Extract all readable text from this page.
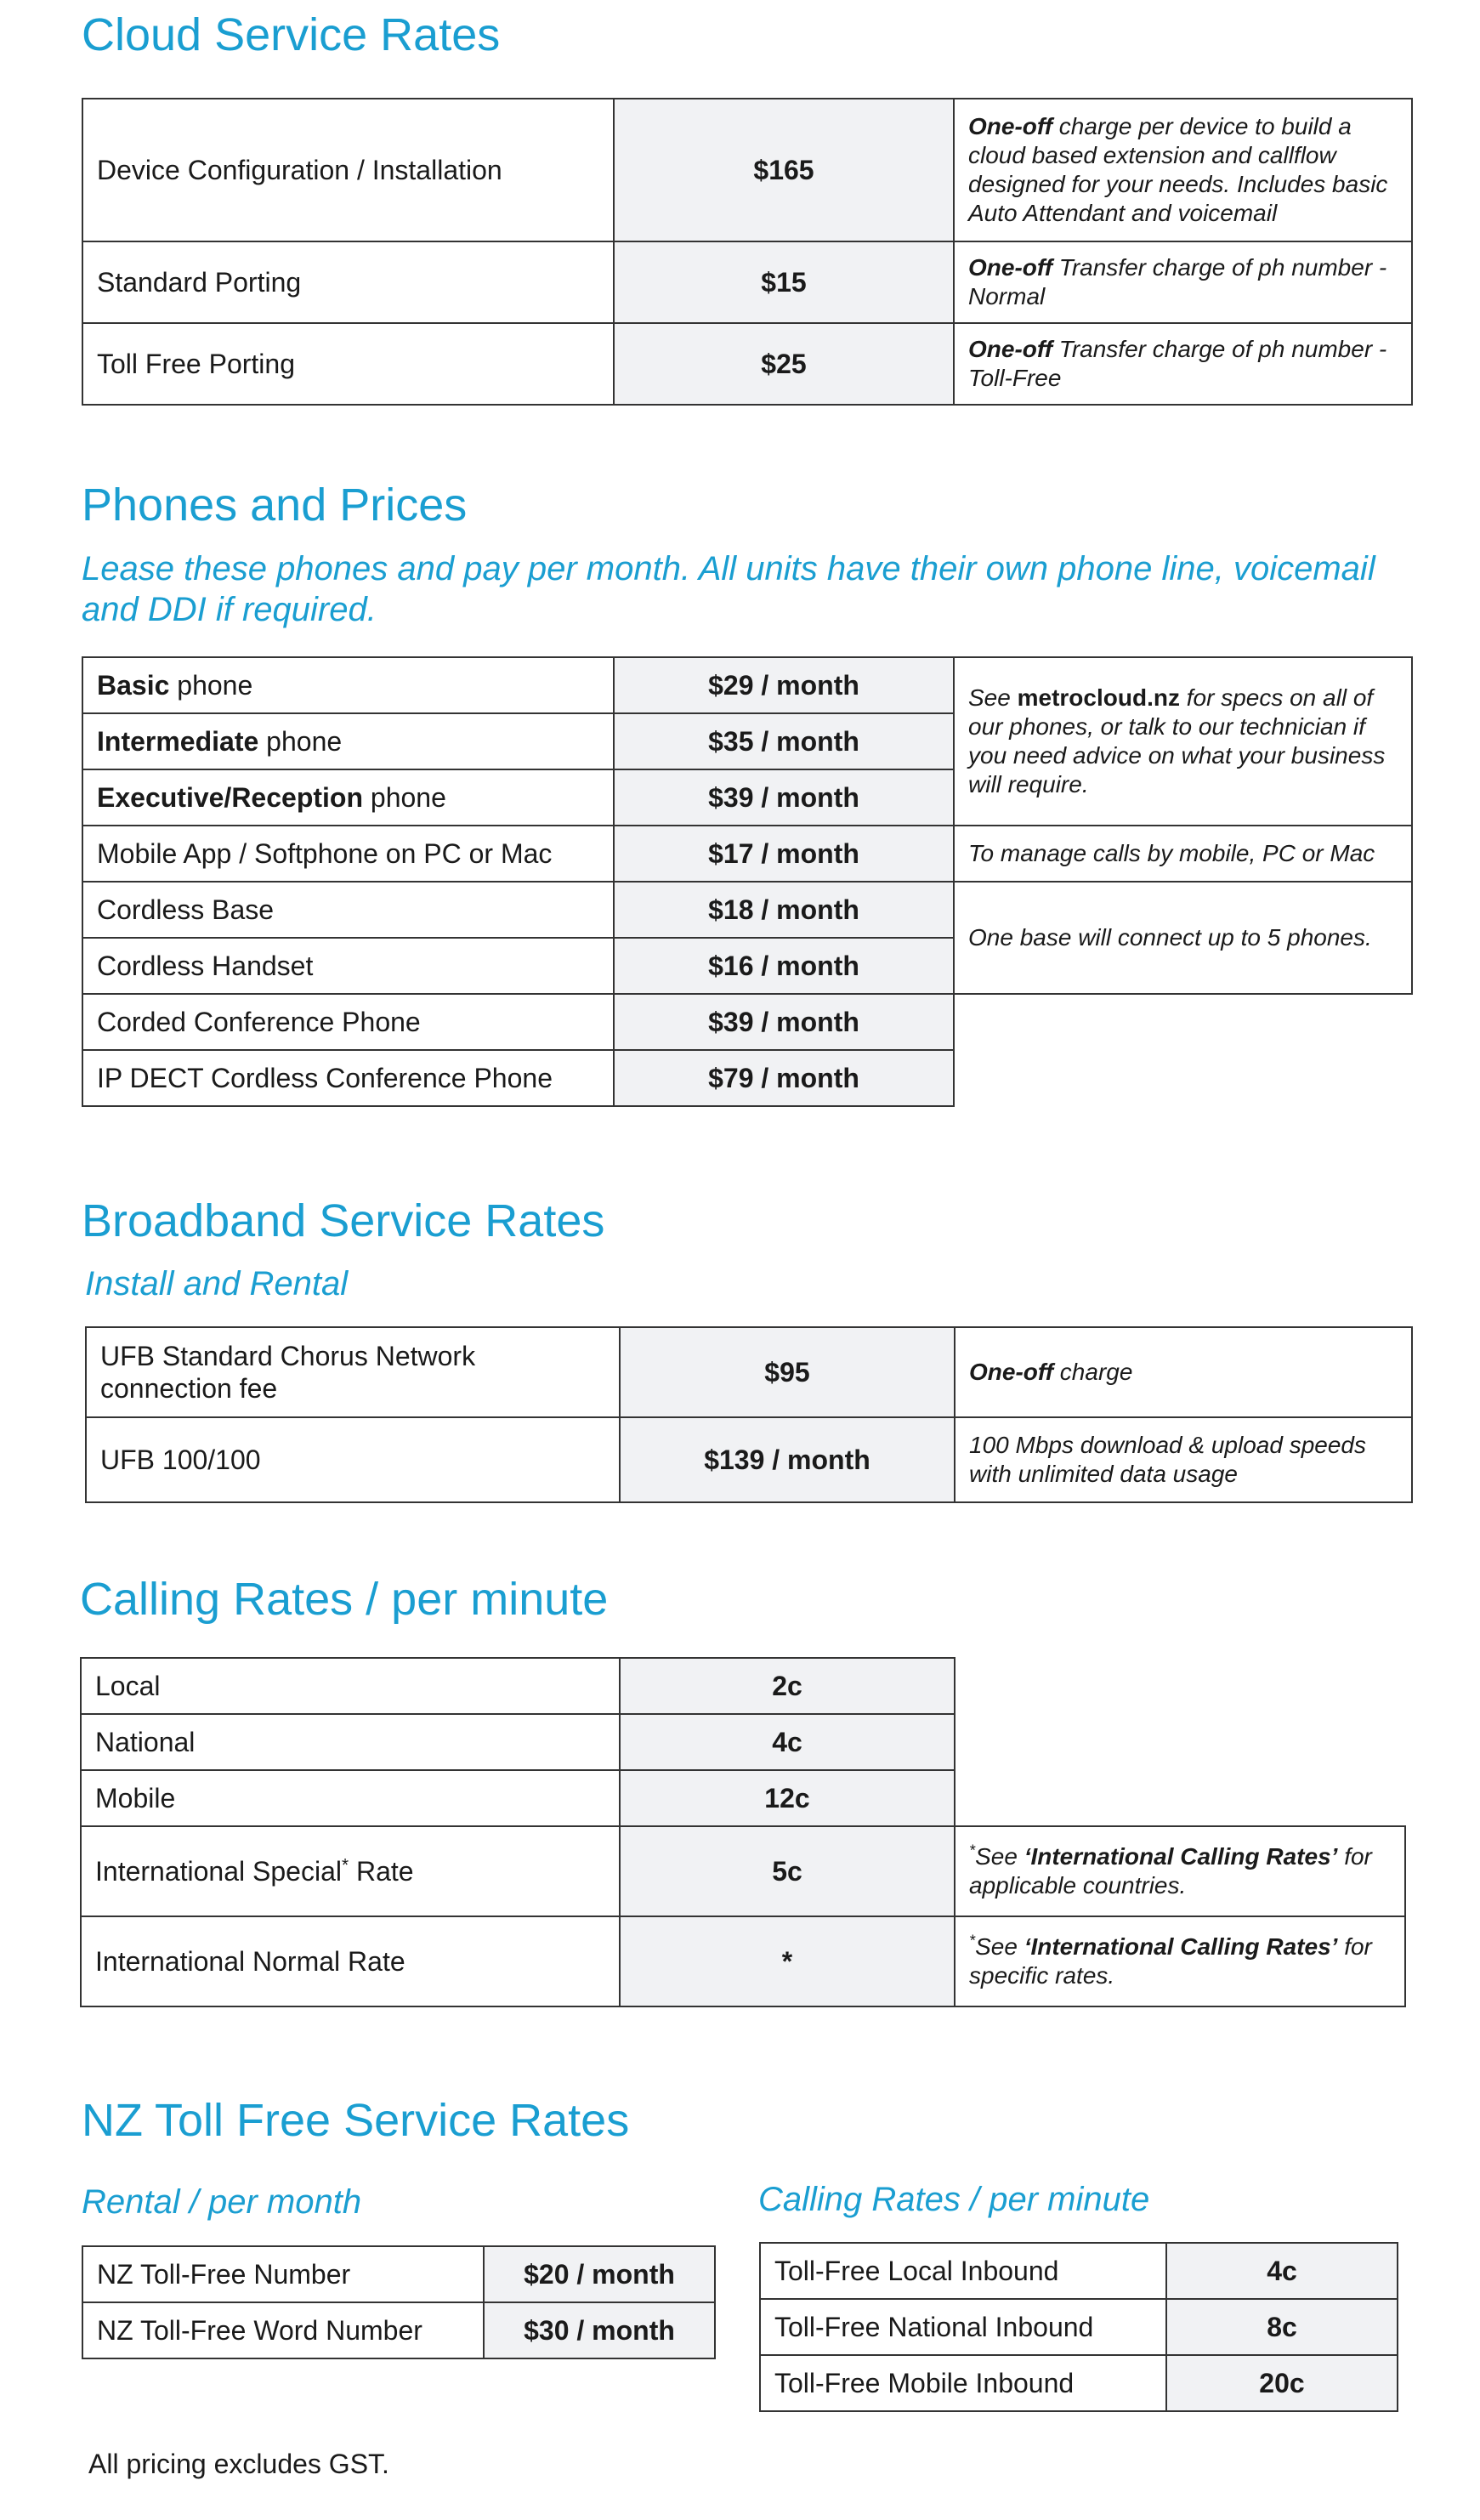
Cloud Service Rates
Device Configuration / Installation	$165	One-off charge per device to build a cloud based extension and callflow designed for your needs. Includes basic Auto Attendant and voicemail
Standard Porting	$15	One-off Transfer charge of ph number - Normal
Toll Free Porting	$25	One-off Transfer charge of ph number - Toll-Free
Phones and Prices

Lease these phones and pay per month. All units have their own phone line, voicemail and DDI if required.

Basic phone	$29 / month	See metrocloud.nz for specs on all of our phones, or talk to our technician if you need advice on what your business will require.
Intermediate phone	$35 / month	
Executive/Reception phone	$39 / month	
Mobile App / Softphone on PC or Mac	$17 / month	To manage calls by mobile, PC or Mac
Cordless Base	$18 / month	One base will connect up to 5 phones.
Cordless Handset	$16 / month	
Corded Conference Phone	$39 / month	
IP DECT Cordless Conference Phone	$79 / month	
Broadband Service Rates

Install and Rental

UFB Standard Chorus Network connection fee	$95	One-off charge
UFB 100/100	$139 / month	100 Mbps download & upload speeds with unlimited data usage
Calling Rates / per minute
Local	2c	
National	4c	
Mobile	12c	
International Special* Rate	5c	*See ‘International Calling Rates’ for applicable countries.
International Normal Rate	*	*See ‘International Calling Rates’ for specific rates.
NZ Toll Free Service Rates

Rental / per month

NZ Toll-Free Number	$20 / month
NZ Toll-Free Word Number	$30 / month

Calling Rates / per minute

Toll-Free Local Inbound	4c
Toll-Free National Inbound	8c
Toll-Free Mobile Inbound	20c

All pricing excludes GST.
